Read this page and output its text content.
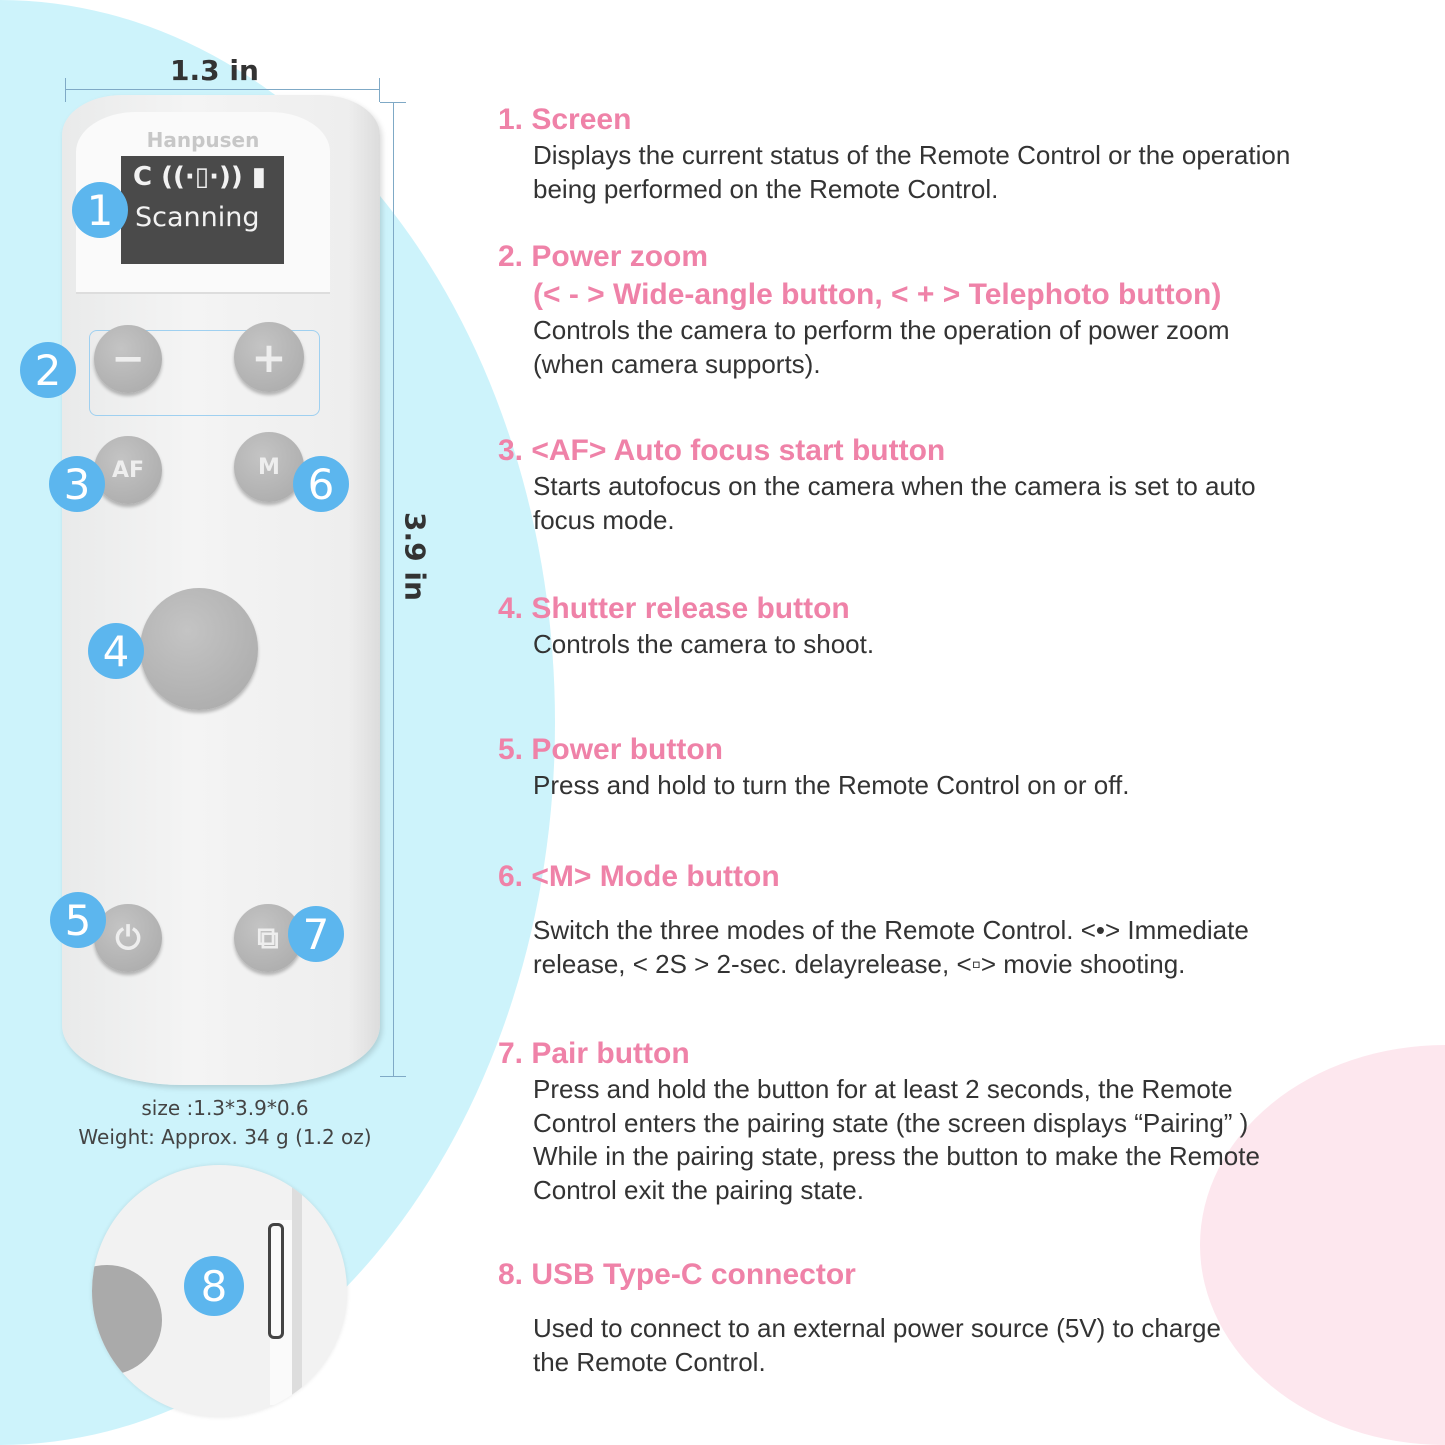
1.3 in
3.9 in
Hanpusen
C ((·▯·)) ▮
Scanning
−	+
AF	M
⏻	⧉
1
2
3
4
5
6
7
size :1.3*3.9*0.6
Weight: Approx. 34 g (1.2 oz)
8
1. Screen
Displays the current status of the Remote Control or the operation
being performed on the Remote Control.
2. Power zoom
(< - > Wide-angle button, < + > Telephoto button)
Controls the camera to perform the operation of power zoom
(when camera supports).
3. <AF> Auto focus start button
Starts autofocus on the camera when the camera is set to auto
focus mode.
4. Shutter release button
Controls the camera to shoot.
5. Power button
Press and hold to turn the Remote Control on or off.
6. <M> Mode button
Switch the three modes of the Remote Control. <•> Immediate
release, < 2S > 2-sec. delayrelease, <▫> movie shooting.
7. Pair button
Press and hold the button for at least 2 seconds, the Remote
Control enters the pairing state (the screen displays “Pairing” )
While in the pairing state, press the button to make the Remote
Control exit the pairing state.
8. USB Type-C connector
Used to connect to an external power source (5V) to charge
the Remote Control.
